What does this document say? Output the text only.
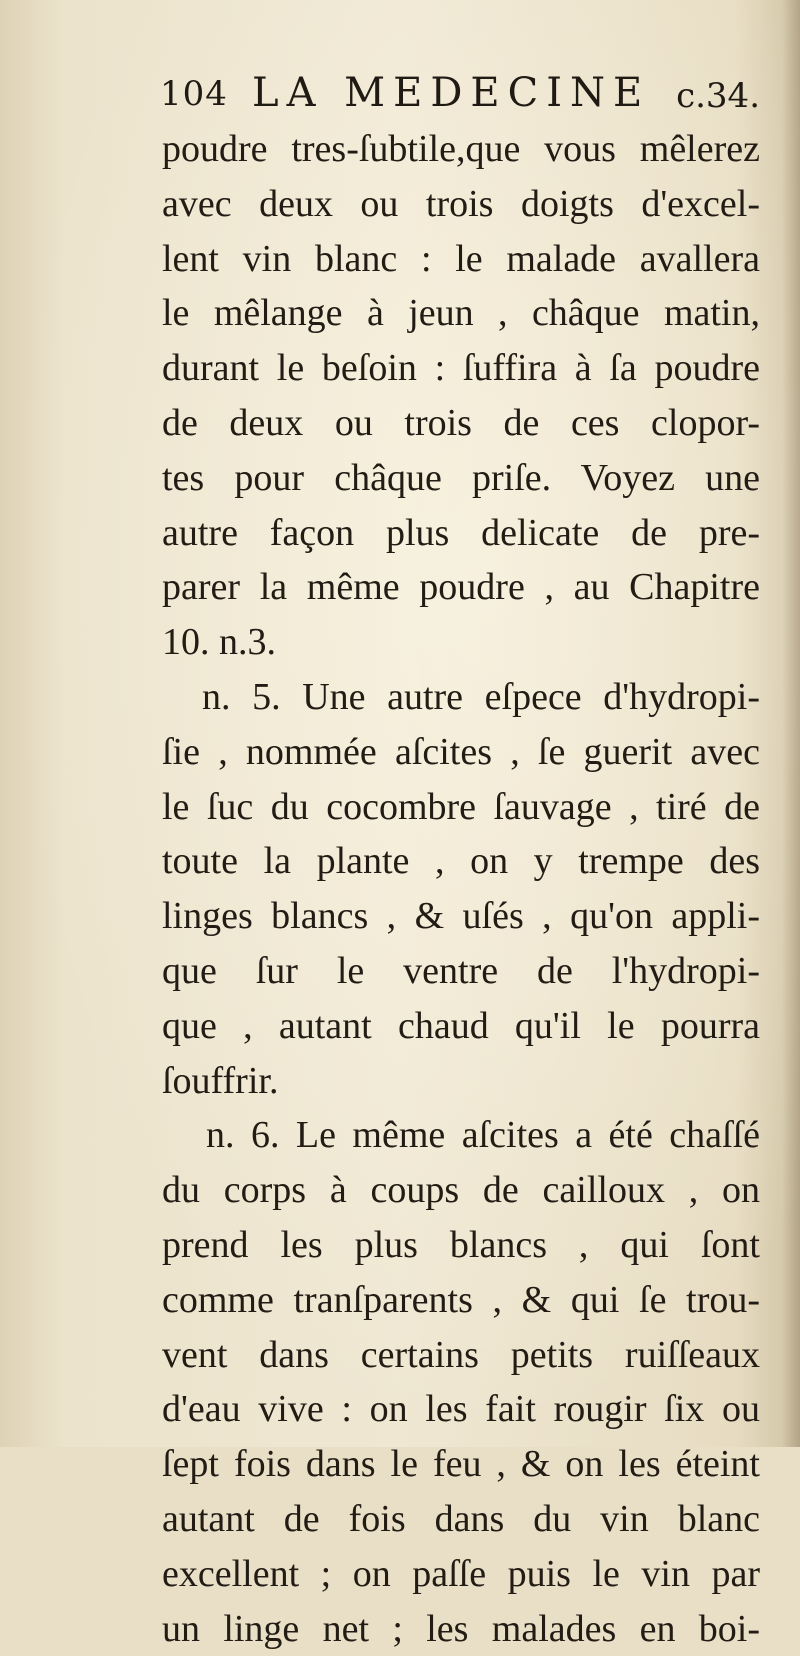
104 LA MEDECINE c.34.
poudre tres-ſubtile,que vous mêlerez
avec deux ou trois doigts d'excel-
lent vin blanc : le malade avallera
le mêlange à jeun , châque matin,
durant le beſoin : ſuffira à ſa poudre
de deux ou trois de ces clopor-
tes pour châque priſe. Voyez une
autre façon plus delicate de pre-
parer la même poudre , au Chapitre
10. n.3.
n. 5. Une autre eſpece d'hydropi-
ſie , nommée aſcites , ſe guerit avec
le ſuc du cocombre ſauvage , tiré de
toute la plante , on y trempe des
linges blancs , & uſés , qu'on appli-
que ſur le ventre de l'hydropi-
que , autant chaud qu'il le pourra
ſouffrir.
n. 6. Le même aſcites a été chaſſé
du corps à coups de cailloux , on
prend les plus blancs , qui ſont
comme tranſparents , & qui ſe trou-
vent dans certains petits ruiſſeaux
d'eau vive : on les fait rougir ſix ou
ſept fois dans le feu , & on les éteint
autant de fois dans du vin blanc
excellent ; on paſſe puis le vin par
un linge net ; les malades en boi-
